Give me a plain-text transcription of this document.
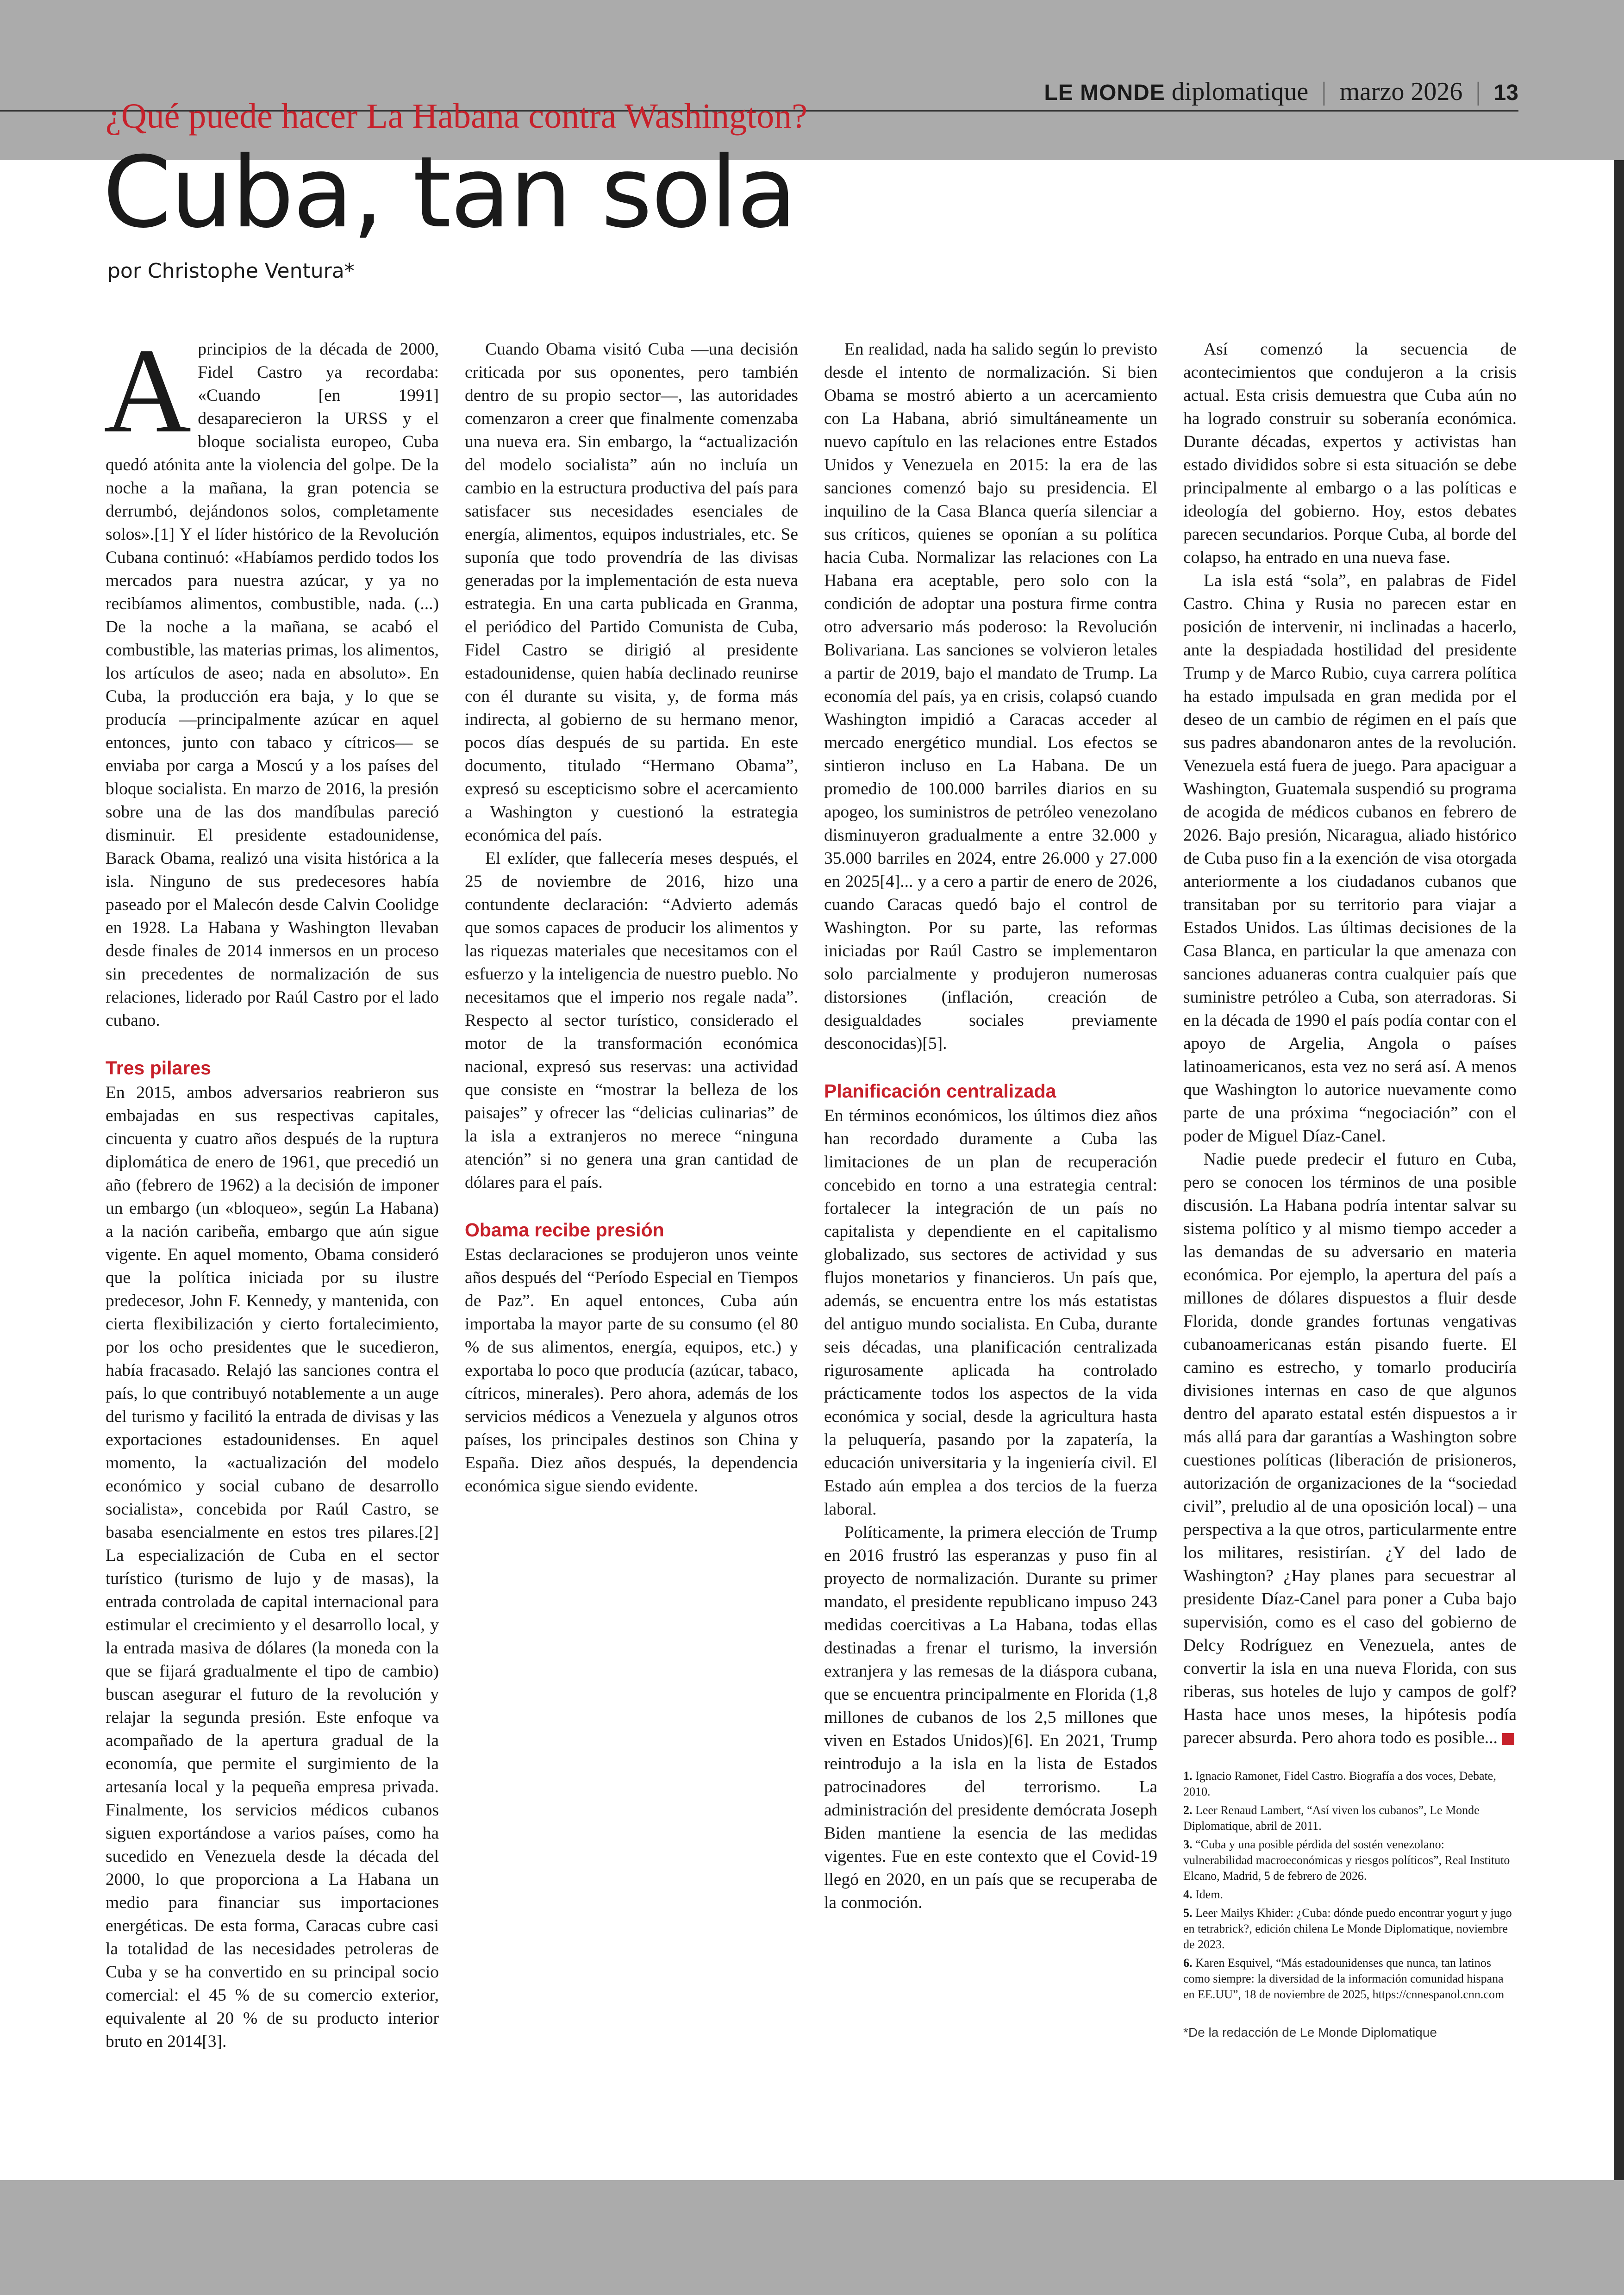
LE MONDE diplomatique | marzo 2026 | 13
¿Qué puede hacer La Habana contra Washington?
Cuba, tan sola
por Christophe Ventura*

Aprincipios de la década de 2000, Fidel Castro ya recordaba: «Cuando [en 1991] desaparecieron la URSS y el bloque socialista europeo, Cuba quedó atónita ante la violencia del golpe. De la noche a la mañana, la gran potencia se derrumbó, dejándonos solos, completamente solos».[1] Y el líder histórico de la Revolución Cubana continuó: «Habíamos perdido todos los mercados para nuestra azúcar, y ya no recibíamos alimentos, combustible, nada. (...) De la noche a la mañana, se acabó el combustible, las materias primas, los alimentos, los artículos de aseo; nada en absoluto». En Cuba, la producción era baja, y lo que se producía —principalmente azúcar en aquel entonces, junto con tabaco y cítricos— se enviaba por carga a Moscú y a los países del bloque socialista. En marzo de 2016, la presión sobre una de las dos mandíbulas pareció disminuir. El presidente estadounidense, Barack Obama, realizó una visita histórica a la isla. Ninguno de sus predecesores había paseado por el Malecón desde Calvin Coolidge en 1928. La Habana y Washington llevaban desde finales de 2014 inmersos en un proceso sin precedentes de normalización de sus relaciones, liderado por Raúl Castro por el lado cubano.

Tres pilares

En 2015, ambos adversarios reabrieron sus embajadas en sus respectivas capitales, cincuenta y cuatro años después de la ruptura diplomática de enero de 1961, que precedió un año (febrero de 1962) a la decisión de imponer un embargo (un «bloqueo», según La Habana) a la nación caribeña, embargo que aún sigue vigente. En aquel momento, Obama consideró que la política iniciada por su ilustre predecesor, John F. Kennedy, y mantenida, con cierta flexibilización y cierto fortalecimiento, por los ocho presidentes que le sucedieron, había fracasado. Relajó las sanciones contra el país, lo que contribuyó notablemente a un auge del turismo y facilitó la entrada de divisas y las exportaciones estadounidenses. En aquel momento, la «actualización del modelo económico y social cubano de desarrollo socialista», concebida por Raúl Castro, se basaba esencialmente en estos tres pilares.[2] La especialización de Cuba en el sector turístico (turismo de lujo y de masas), la entrada controlada de capital internacional para estimular el crecimiento y el desarrollo local, y la entrada masiva de dólares (la moneda con la que se fijará gradualmente el tipo de cambio) buscan asegurar el futuro de la revolución y relajar la segunda presión. Este enfoque va acompañado de la apertura gradual de la economía, que permite el surgimiento de la artesanía local y la pequeña empresa privada. Finalmente, los servicios médicos cubanos siguen exportándose a varios países, como ha sucedido en Venezuela desde la década del 2000, lo que proporciona a La Habana un medio para financiar sus importaciones energéticas. De esta forma, Caracas cubre casi la totalidad de las necesidades petroleras de Cuba y se ha convertido en su principal socio comercial: el 45 % de su comercio exterior, equivalente al 20 % de su producto interior bruto en 2014[3].

Cuando Obama visitó Cuba —una decisión criticada por sus oponentes, pero también dentro de su propio sector—, las autoridades comenzaron a creer que finalmente comenzaba una nueva era. Sin embargo, la “actualización del modelo socialista” aún no incluía un cambio en la estructura productiva del país para satisfacer sus necesidades esenciales de energía, alimentos, equipos industriales, etc. Se suponía que todo provendría de las divisas generadas por la implementación de esta nueva estrategia. En una carta publicada en Granma, el periódico del Partido Comunista de Cuba, Fidel Castro se dirigió al presidente estadounidense, quien había declinado reunirse con él durante su visita, y, de forma más indirecta, al gobierno de su hermano menor, pocos días después de su partida. En este documento, titulado “Hermano Obama”, expresó su escepticismo sobre el acercamiento a Washington y cuestionó la estrategia económica del país.

El exlíder, que fallecería meses después, el 25 de noviembre de 2016, hizo una contundente declaración: “Advierto además que somos capaces de producir los alimentos y las riquezas materiales que necesitamos con el esfuerzo y la inteligencia de nuestro pueblo. No necesitamos que el imperio nos regale nada”. Respecto al sector turístico, considerado el motor de la transformación económica nacional, expresó sus reservas: una actividad que consiste en “mostrar la belleza de los paisajes” y ofrecer las “delicias culinarias” de la isla a extranjeros no merece “ninguna atención” si no genera una gran cantidad de dólares para el país.

Obama recibe presión

Estas declaraciones se produjeron unos veinte años después del “Período Especial en Tiempos de Paz”. En aquel entonces, Cuba aún importaba la mayor parte de su consumo (el 80 % de sus alimentos, energía, equipos, etc.) y exportaba lo poco que producía (azúcar, tabaco, cítricos, minerales). Pero ahora, además de los servicios médicos a Venezuela y algunos otros países, los principales destinos son China y España. Diez años después, la dependencia económica sigue siendo evidente.

En realidad, nada ha salido según lo previsto desde el intento de normalización. Si bien Obama se mostró abierto a un acercamiento con La Habana, abrió simultáneamente un nuevo capítulo en las relaciones entre Estados Unidos y Venezuela en 2015: la era de las sanciones comenzó bajo su presidencia. El inquilino de la Casa Blanca quería silenciar a sus críticos, quienes se oponían a su política hacia Cuba. Normalizar las relaciones con La Habana era aceptable, pero solo con la condición de adoptar una postura firme contra otro adversario más poderoso: la Revolución Bolivariana. Las sanciones se volvieron letales a partir de 2019, bajo el mandato de Trump. La economía del país, ya en crisis, colapsó cuando Washington impidió a Caracas acceder al mercado energético mundial. Los efectos se sintieron incluso en La Habana. De un promedio de 100.000 barriles diarios en su apogeo, los suministros de petróleo venezolano disminuyeron gradualmente a entre 32.000 y 35.000 barriles en 2024, entre 26.000 y 27.000 en 2025[4]... y a cero a partir de enero de 2026, cuando Caracas quedó bajo el control de Washington. Por su parte, las reformas iniciadas por Raúl Castro se implementaron solo parcialmente y produjeron numerosas distorsiones (inflación, creación de desigualdades sociales previamente desconocidas)[5].

Planificación centralizada

En términos económicos, los últimos diez años han recordado duramente a Cuba las limitaciones de un plan de recuperación concebido en torno a una estrategia central: fortalecer la integración de un país no capitalista y dependiente en el capitalismo globalizado, sus sectores de actividad y sus flujos monetarios y financieros. Un país que, además, se encuentra entre los más estatistas del antiguo mundo socialista. En Cuba, durante seis décadas, una planificación centralizada rigurosamente aplicada ha controlado prácticamente todos los aspectos de la vida económica y social, desde la agricultura hasta la peluquería, pasando por la zapatería, la educación universitaria y la ingeniería civil. El Estado aún emplea a dos tercios de la fuerza laboral.

Políticamente, la primera elección de Trump en 2016 frustró las esperanzas y puso fin al proyecto de normalización. Durante su primer mandato, el presidente republicano impuso 243 medidas coercitivas a La Habana, todas ellas destinadas a frenar el turismo, la inversión extranjera y las remesas de la diáspora cubana, que se encuentra principalmente en Florida (1,8 millones de cubanos de los 2,5 millones que viven en Estados Unidos)[6]. En 2021, Trump reintrodujo a la isla en la lista de Estados patrocinadores del terrorismo. La administración del presidente demócrata Joseph Biden mantiene la esencia de las medidas vigentes. Fue en este contexto que el Covid-19 llegó en 2020, en un país que se recuperaba de la conmoción.

Así comenzó la secuencia de acontecimientos que condujeron a la crisis actual. Esta crisis demuestra que Cuba aún no ha logrado construir su soberanía económica. Durante décadas, expertos y activistas han estado divididos sobre si esta situación se debe principalmente al embargo o a las políticas e ideología del gobierno. Hoy, estos debates parecen secundarios. Porque Cuba, al borde del colapso, ha entrado en una nueva fase.

La isla está “sola”, en palabras de Fidel Castro. China y Rusia no parecen estar en posición de intervenir, ni inclinadas a hacerlo, ante la despiadada hostilidad del presidente Trump y de Marco Rubio, cuya carrera política ha estado impulsada en gran medida por el deseo de un cambio de régimen en el país que sus padres abandonaron antes de la revolución. Venezuela está fuera de juego. Para apaciguar a Washington, Guatemala suspendió su programa de acogida de médicos cubanos en febrero de 2026. Bajo presión, Nicaragua, aliado histórico de Cuba puso fin a la exención de visa otorgada anteriormente a los ciudadanos cubanos que transitaban por su territorio para viajar a Estados Unidos. Las últimas decisiones de la Casa Blanca, en particular la que amenaza con sanciones aduaneras contra cualquier país que suministre petróleo a Cuba, son aterradoras. Si en la década de 1990 el país podía contar con el apoyo de Argelia, Angola o países latinoamericanos, esta vez no será así. A menos que Washington lo autorice nuevamente como parte de una próxima “negociación” con el poder de Miguel Díaz-Canel.

Nadie puede predecir el futuro en Cuba, pero se conocen los términos de una posible discusión. La Habana podría intentar salvar su sistema político y al mismo tiempo acceder a las demandas de su adversario en materia económica. Por ejemplo, la apertura del país a millones de dólares dispuestos a fluir desde Florida, donde grandes fortunas vengativas cubanoamericanas están pisando fuerte. El camino es estrecho, y tomarlo produciría divisiones internas en caso de que algunos dentro del aparato estatal estén dispuestos a ir más allá para dar garantías a Washington sobre cuestiones políticas (liberación de prisioneros, autorización de organizaciones de la “sociedad civil”, preludio al de una oposición local) – una perspectiva a la que otros, particularmente entre los militares, resistirían. ¿Y del lado de Washington? ¿Hay planes para secuestrar al presidente Díaz-Canel para poner a Cuba bajo supervisión, como es el caso del gobierno de Delcy Rodríguez en Venezuela, antes de convertir la isla en una nueva Florida, con sus riberas, sus hoteles de lujo y campos de golf? Hasta hace unos meses, la hipótesis podía parecer absurda. Pero ahora todo es posible...

1. Ignacio Ramonet, Fidel Castro. Biografía a dos voces, Debate, 2010.
2. Leer Renaud Lambert, “Así viven los cubanos”, Le Monde Diplomatique, abril de 2011.
3. “Cuba y una posible pérdida del sostén venezolano: vulnerabilidad macroeconómicas y riesgos políticos”, Real Instituto Elcano, Madrid, 5 de febrero de 2026.
4. Idem.
5. Leer Mailys Khider: ¿Cuba: dónde puedo encontrar yogurt y jugo en tetrabrick?, edición chilena Le Monde Diplomatique, noviembre de 2023.
6. Karen Esquivel, “Más estadounidenses que nunca, tan latinos como siempre: la diversidad de la información comunidad hispana en EE.UU”, 18 de noviembre de 2025, https://cnnespanol.cnn.com
*De la redacción de Le Monde Diplomatique
